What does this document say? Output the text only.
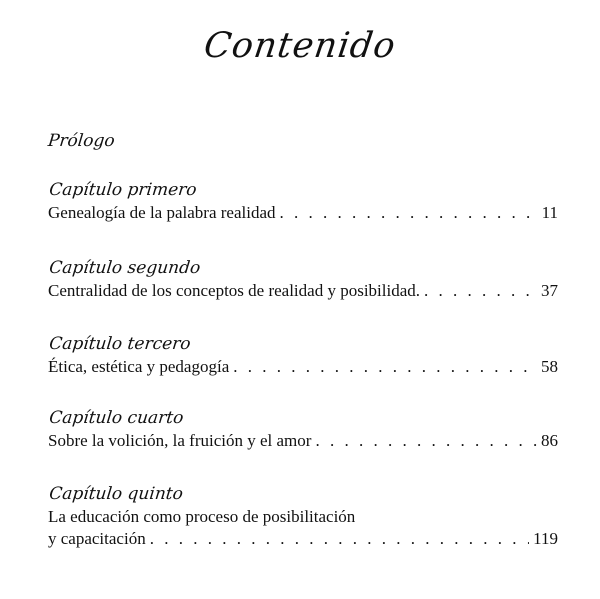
Contenido
Prólogo
Capítulo primero
Genealogía de la palabra realidad . . .	11
Capítulo segundo
Centralidad de los conceptos de realidad y posibilidad. . . .	37
Capítulo tercero
Ética, estética y pedagogía . . .	58
Capítulo cuarto
Sobre la volición, la fruición y el amor . . .	86
Capítulo quinto
La educación como proceso de posibilitación
y capacitación . . .	119
